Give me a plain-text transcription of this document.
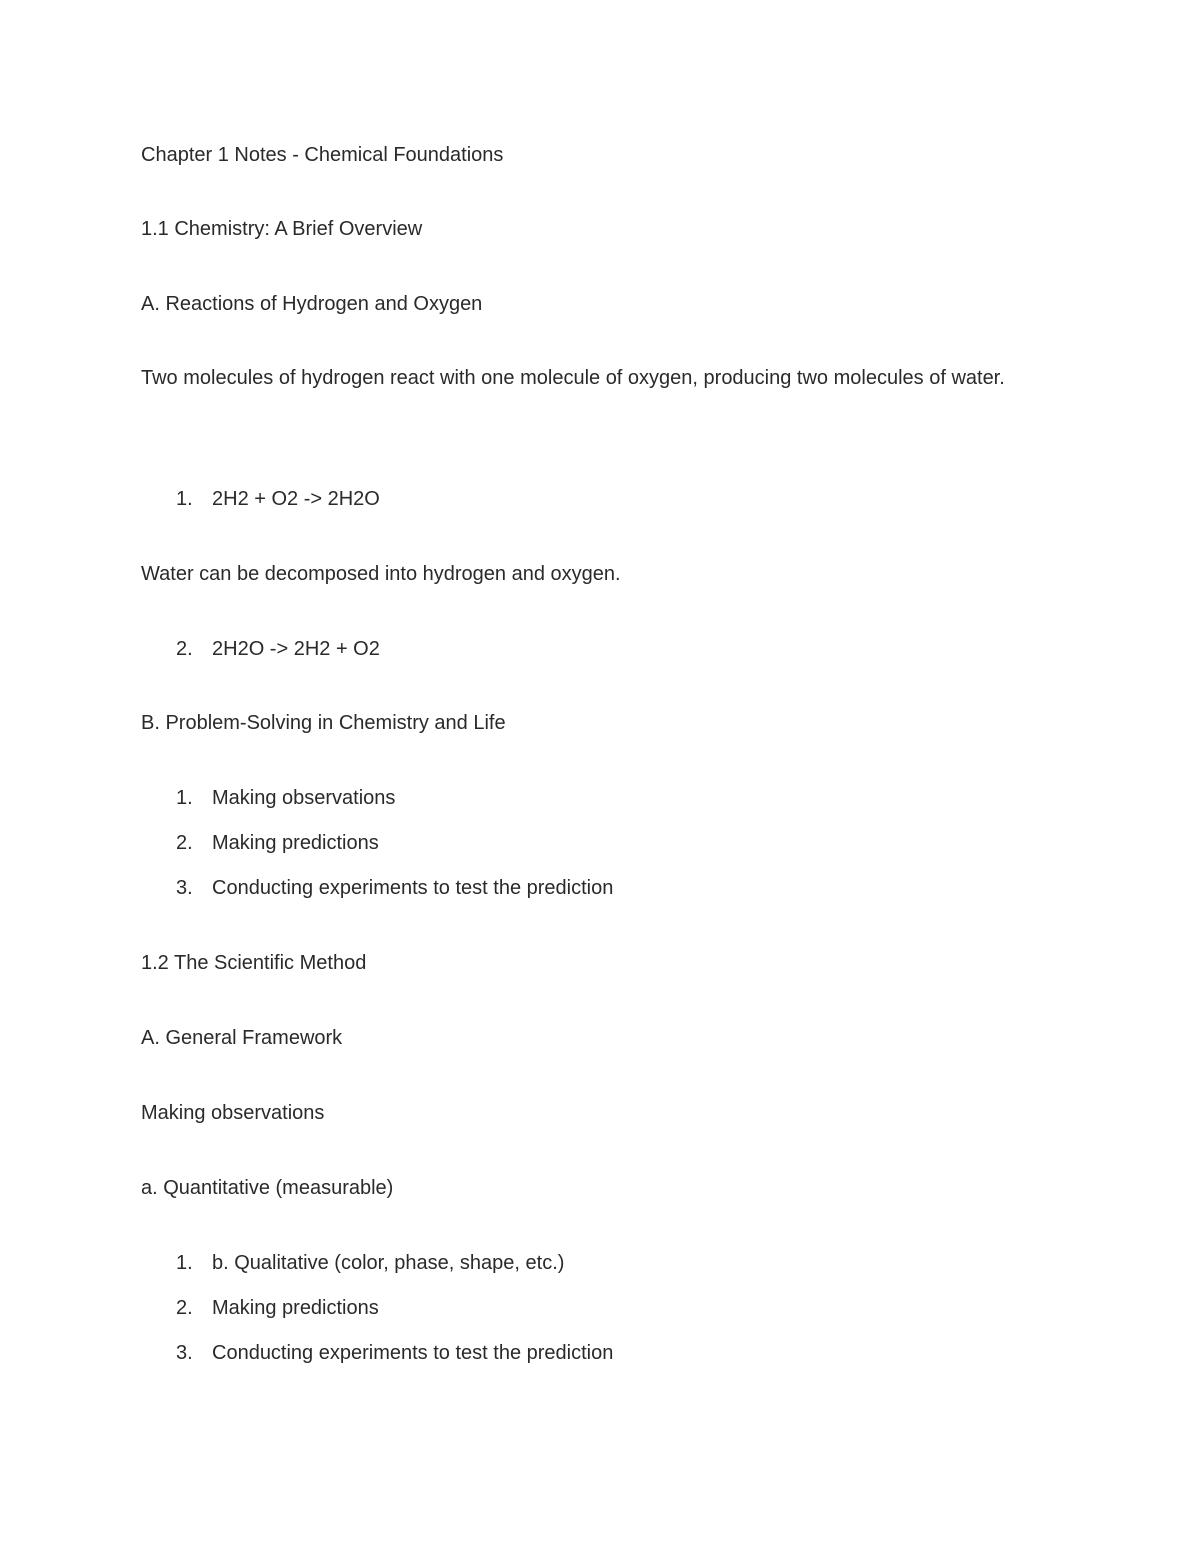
Chapter 1 Notes - Chemical Foundations
1.1 Chemistry: A Brief Overview
A. Reactions of Hydrogen and Oxygen
Two molecules of hydrogen react with one molecule of oxygen, producing two molecules of water.
1. 2H2 + O2 -> 2H2O
Water can be decomposed into hydrogen and oxygen.
2. 2H2O -> 2H2 + O2
B. Problem-Solving in Chemistry and Life
1. Making observations
2. Making predictions
3. Conducting experiments to test the prediction
1.2 The Scientific Method
A. General Framework
Making observations
a. Quantitative (measurable)
1. b. Qualitative (color, phase, shape, etc.)
2. Making predictions
3. Conducting experiments to test the prediction
